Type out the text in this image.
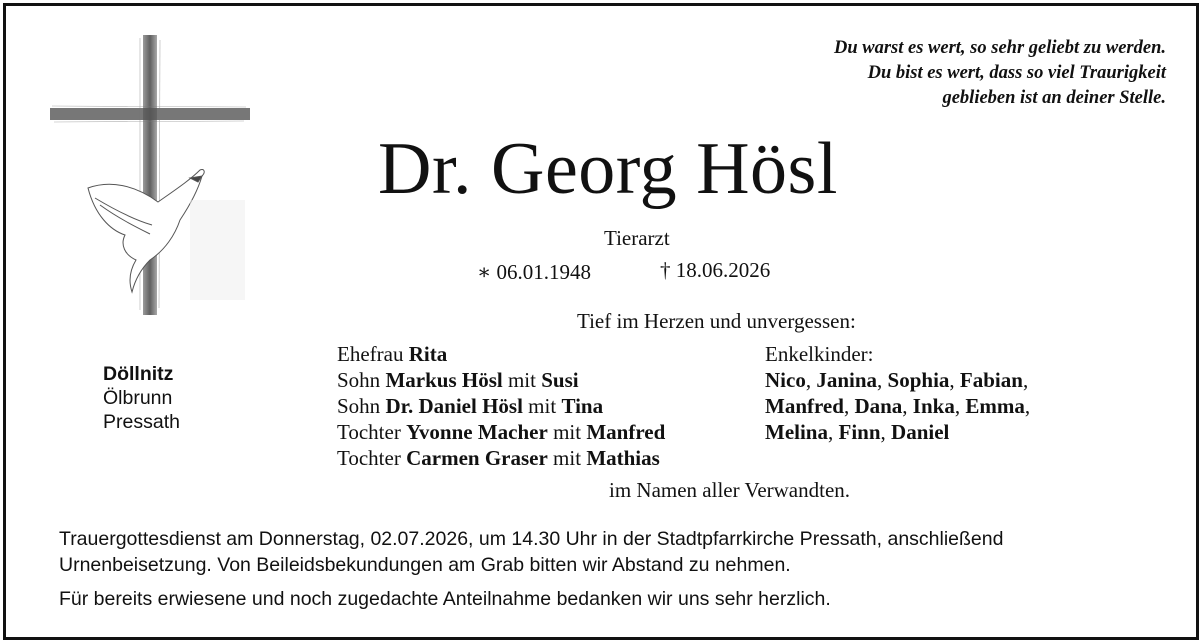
Du warst es wert, so sehr geliebt zu werden.
Du bist es wert, dass so viel Traurigkeit
geblieben ist an deiner Stelle.
Dr. Georg Hösl
Tierarzt
∗ 06.01.1948	† 18.06.2026
Tief im Herzen und unvergessen:
Döllnitz
Ölbrunn
Pressath
Ehefrau Rita
Sohn Markus Hösl mit Susi
Sohn Dr. Daniel Hösl mit Tina
Tochter Yvonne Macher mit Manfred
Tochter Carmen Graser mit Mathias
Enkelkinder:
Nico, Janina, Sophia, Fabian,
Manfred, Dana, Inka, Emma,
Melina, Finn, Daniel
im Namen aller Verwandten.
Trauergottesdienst am Donnerstag, 02.07.2026, um 14.30 Uhr in der Stadtpfarrkirche Pressath, anschließend Urnenbeisetzung. Von Beileidsbekundungen am Grab bitten wir Abstand zu nehmen.
Für bereits erwiesene und noch zugedachte Anteilnahme bedanken wir uns sehr herzlich.
